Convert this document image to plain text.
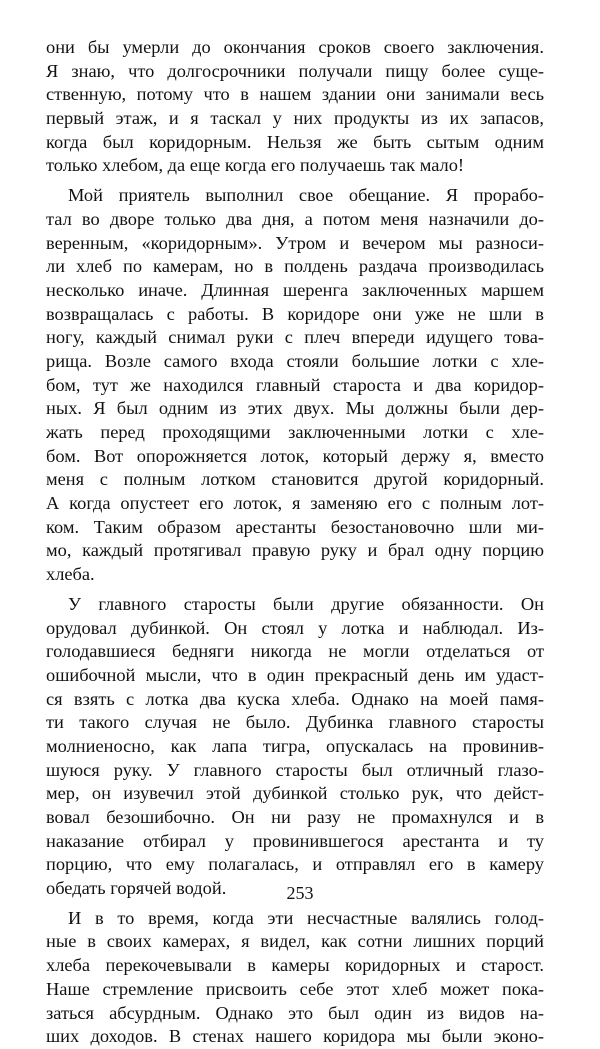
они бы умерли до окончания сроков своего заключения.
Я знаю, что долгосрочники получали пищу более суще-
ственную, потому что в нашем здании они занимали весь
первый этаж, и я таскал у них продукты из их запасов,
когда был коридорным. Нельзя же быть сытым одним
только хлебом, да еще когда его получаешь так мало!
Мой приятель выполнил свое обещание. Я прорабо-
тал во дворе только два дня, а потом меня назначили до-
веренным, «коридорным». Утром и вечером мы разноси-
ли хлеб по камерам, но в полдень раздача производилась
несколько иначе. Длинная шеренга заключенных маршем
возвращалась с работы. В коридоре они уже не шли в
ногу, каждый снимал руки с плеч впереди идущего това-
рища. Возле самого входа стояли большие лотки с хле-
бом, тут же находился главный староста и два коридор-
ных. Я был одним из этих двух. Мы должны были дер-
жать перед проходящими заключенными лотки с хле-
бом. Вот опорожняется лоток, который держу я, вместо
меня с полным лотком становится другой коридорный.
А когда опустеет его лоток, я заменяю его с полным лот-
ком. Таким образом арестанты безостановочно шли ми-
мо, каждый протягивал правую руку и брал одну порцию
хлеба.
У главного старосты были другие обязанности. Он
орудовал дубинкой. Он стоял у лотка и наблюдал. Из-
голодавшиеся бедняги никогда не могли отделаться от
ошибочной мысли, что в один прекрасный день им удаст-
ся взять с лотка два куска хлеба. Однако на моей памя-
ти такого случая не было. Дубинка главного старосты
молниеносно, как лапа тигра, опускалась на провинив-
шуюся руку. У главного старосты был отличный глазо-
мер, он изувечил этой дубинкой столько рук, что дейст-
вовал безошибочно. Он ни разу не промахнулся и в
наказание отбирал у провинившегося арестанта и ту
порцию, что ему полагалась, и отправлял его в камеру
обедать горячей водой.
И в то время, когда эти несчастные валялись голод-
ные в своих камерах, я видел, как сотни лишних порций
хлеба перекочевывали в камеры коридорных и старост.
Наше стремление присвоить себе этот хлеб может пока-
заться абсурдным. Однако это был один из видов на-
ших доходов. В стенах нашего коридора мы были эконо-
253
